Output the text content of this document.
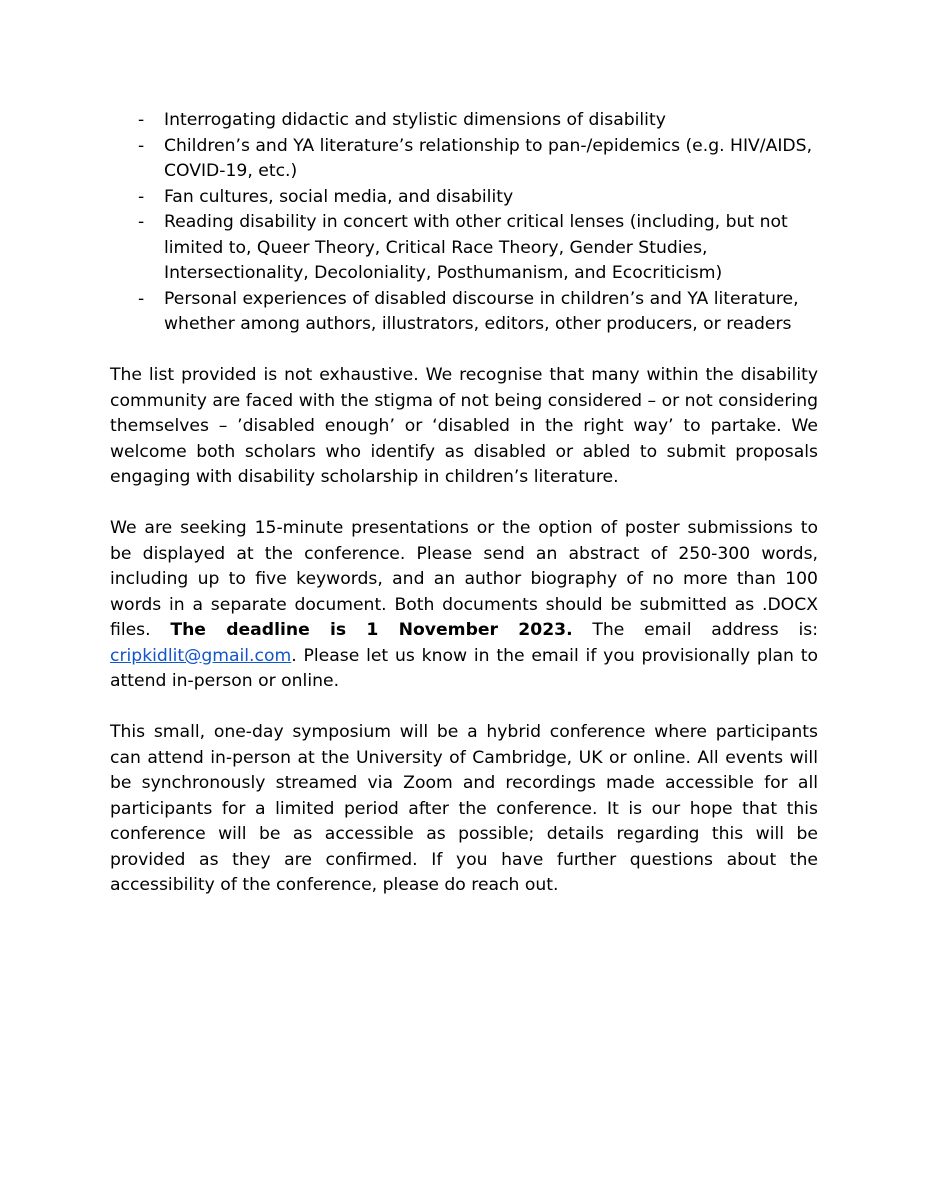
- Interrogating didactic and stylistic dimensions of disability
- Children’s and YA literature’s relationship to pan-/epidemics (e.g. HIV/AIDS, COVID-19, etc.)
- Fan cultures, social media, and disability
- Reading disability in concert with other critical lenses (including, but not limited to, Queer Theory, Critical Race Theory, Gender Studies, Intersectionality, Decoloniality, Posthumanism, and Ecocriticism)
- Personal experiences of disabled discourse in children’s and YA literature, whether among authors, illustrators, editors, other producers, or readers

The list provided is not exhaustive. We recognise that many within the disability community are faced with the stigma of not being considered – or not considering themselves – ’disabled enough’ or ‘disabled in the right way’ to partake. We welcome both scholars who identify as disabled or abled to submit proposals engaging with disability scholarship in children’s literature.

We are seeking 15-minute presentations or the option of poster submissions to be displayed at the conference. Please send an abstract of 250-300 words, including up to five keywords, and an author biography of no more than 100 words in a separate document. Both documents should be submitted as .DOCX files. The deadline is 1 November 2023. The email address is: cripkidlit@gmail.com. Please let us know in the email if you provisionally plan to attend in-person or online.

This small, one-day symposium will be a hybrid conference where participants can attend in-person at the University of Cambridge, UK or online. All events will be synchronously streamed via Zoom and recordings made accessible for all participants for a limited period after the conference. It is our hope that this conference will be as accessible as possible; details regarding this will be provided as they are confirmed. If you have further questions about the accessibility of the conference, please do reach out.
